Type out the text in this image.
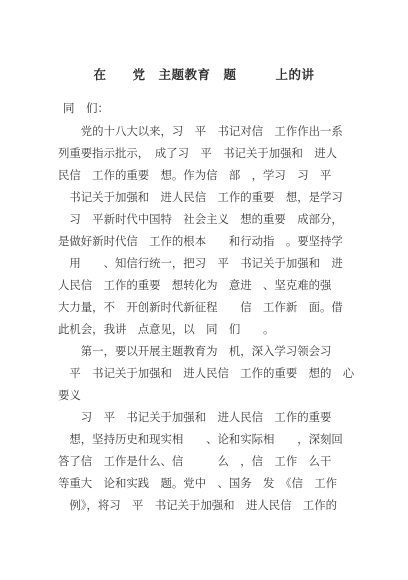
在　　党　主题教育　题　　　上的讲
同　们：
　　党的十八大以来，习　平　书记对信　工作作出一系
列重要指示批示，　成了习　平　书记关于加强和　进人
民信　工作的重要　想。作为信　部　，学习　习　平
　书记关于加强和　进人民信　工作的重要　想，是学习
　习　平新时代中国特　社会主义　想的重要　成部分，
是做好新时代信　工作的根本　　和行动指　。要坚持学
　用　　、知信行统一，把习　平　书记关于加强和　进
人民信　工作的重要　想转化为　意进　、坚克难的强
大力量，不　开创新时代新征程　　信　工作新　面。借
此机会，我讲　点意见，以　同　们　　。
　　第一，要以开展主题教育为　机，深入学习领会习
　平　书记关于加强和　进人民信　工作的重要　想的　心
要义
　　习　平　书记关于加强和　进人民信　工作的重要
　想，坚持历史和现实相　　、论和实际相　　，深刻回
答了信　工作是什么、信　　　么　，信　工作　么干
等重大　论和实践　题。党中　、国务　发　《信　工作
　例》，将习　平　书记关于加强和　进人民信　工作的
